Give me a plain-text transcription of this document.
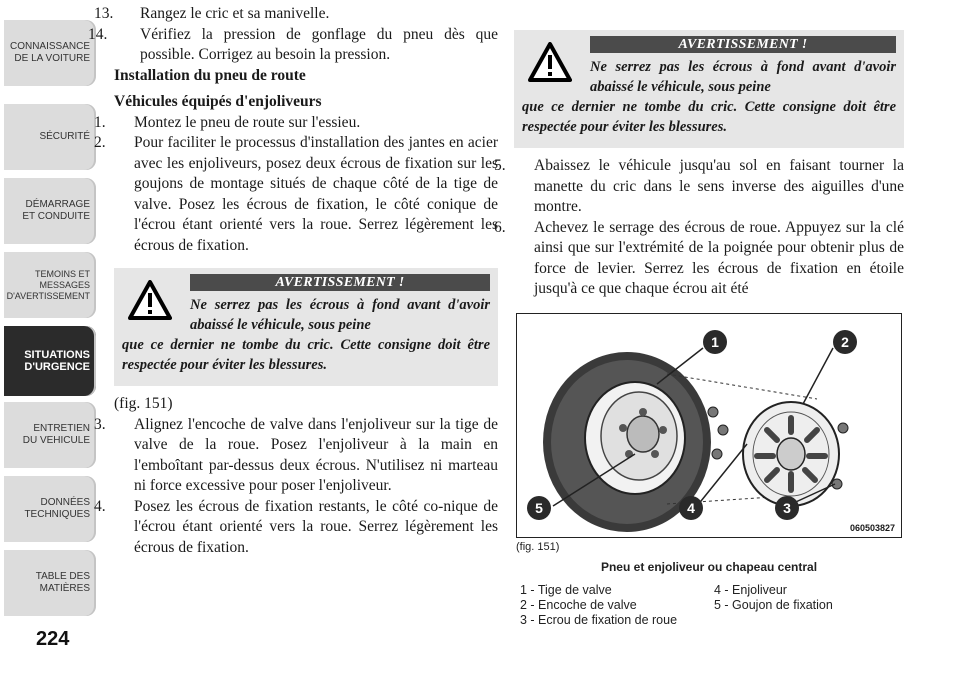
CONNAISSANCE
DE LA VOITURE
SÉCURITÉ
DÉMARRAGE
ET CONDUITE
TEMOINS ET
MESSAGES
D'AVERTISSEMENT
SITUATIONS
D'URGENCE
ENTRETIEN
DU VEHICULE
DONNÉES
TECHNIQUES
TABLE DES
MATIÈRES
224

13. Rangez le cric et sa manivelle.

14. Vérifiez la pression de gonflage du pneu dès que possible. Corrigez au besoin la pression.

Installation du pneu de route

Véhicules équipés d'enjoliveurs

1. Montez le pneu de route sur l'essieu.

2. Pour faciliter le processus d'installation des jantes en acier avec les enjoliveurs, posez deux écrous de fixation sur les goujons de montage situés de chaque côté de la tige de valve. Posez les écrous de fixation, le côté conique de l'écrou étant orienté vers la roue. Serrez légèrement les écrous de fixation.

AVERTISSEMENT !
Ne serrez pas les écrous à fond avant d'avoir abaissé le véhicule, sous peine
que ce dernier ne tombe du cric. Cette consigne doit être respectée pour éviter les blessures.

(fig. 151)

3. Alignez l'encoche de valve dans l'enjoliveur sur la tige de valve de la roue. Posez l'enjoliveur à la main en l'emboîtant par-dessus deux écrous. N'utilisez ni marteau ni force excessive pour poser l'enjoliveur.

4. Posez les écrous de fixation restants, le côté co-nique de l'écrou étant orienté vers la roue. Serrez légèrement les écrous de fixation.

AVERTISSEMENT !
Ne serrez pas les écrous à fond avant d'avoir abaissé le véhicule, sous peine
que ce dernier ne tombe du cric. Cette consigne doit être respectée pour éviter les blessures.

5. Abaissez le véhicule jusqu'au sol en faisant tourner la manette du cric dans le sens inverse des aiguilles d'une montre.

6. Achevez le serrage des écrous de roue. Appuyez sur la clé ainsi que sur l'extrémité de la poignée pour obtenir plus de force de levier. Serrez les écrous de fixation en étoile jusqu'à ce que chaque écrou ait été

1	2
3
4
5
060503827
(fig. 151)
Pneu et enjoliveur ou chapeau central
1 - Tige de valve
2 - Encoche de valve
3 - Ecrou de fixation de roue
4 - Enjoliveur
5 - Goujon de fixation
